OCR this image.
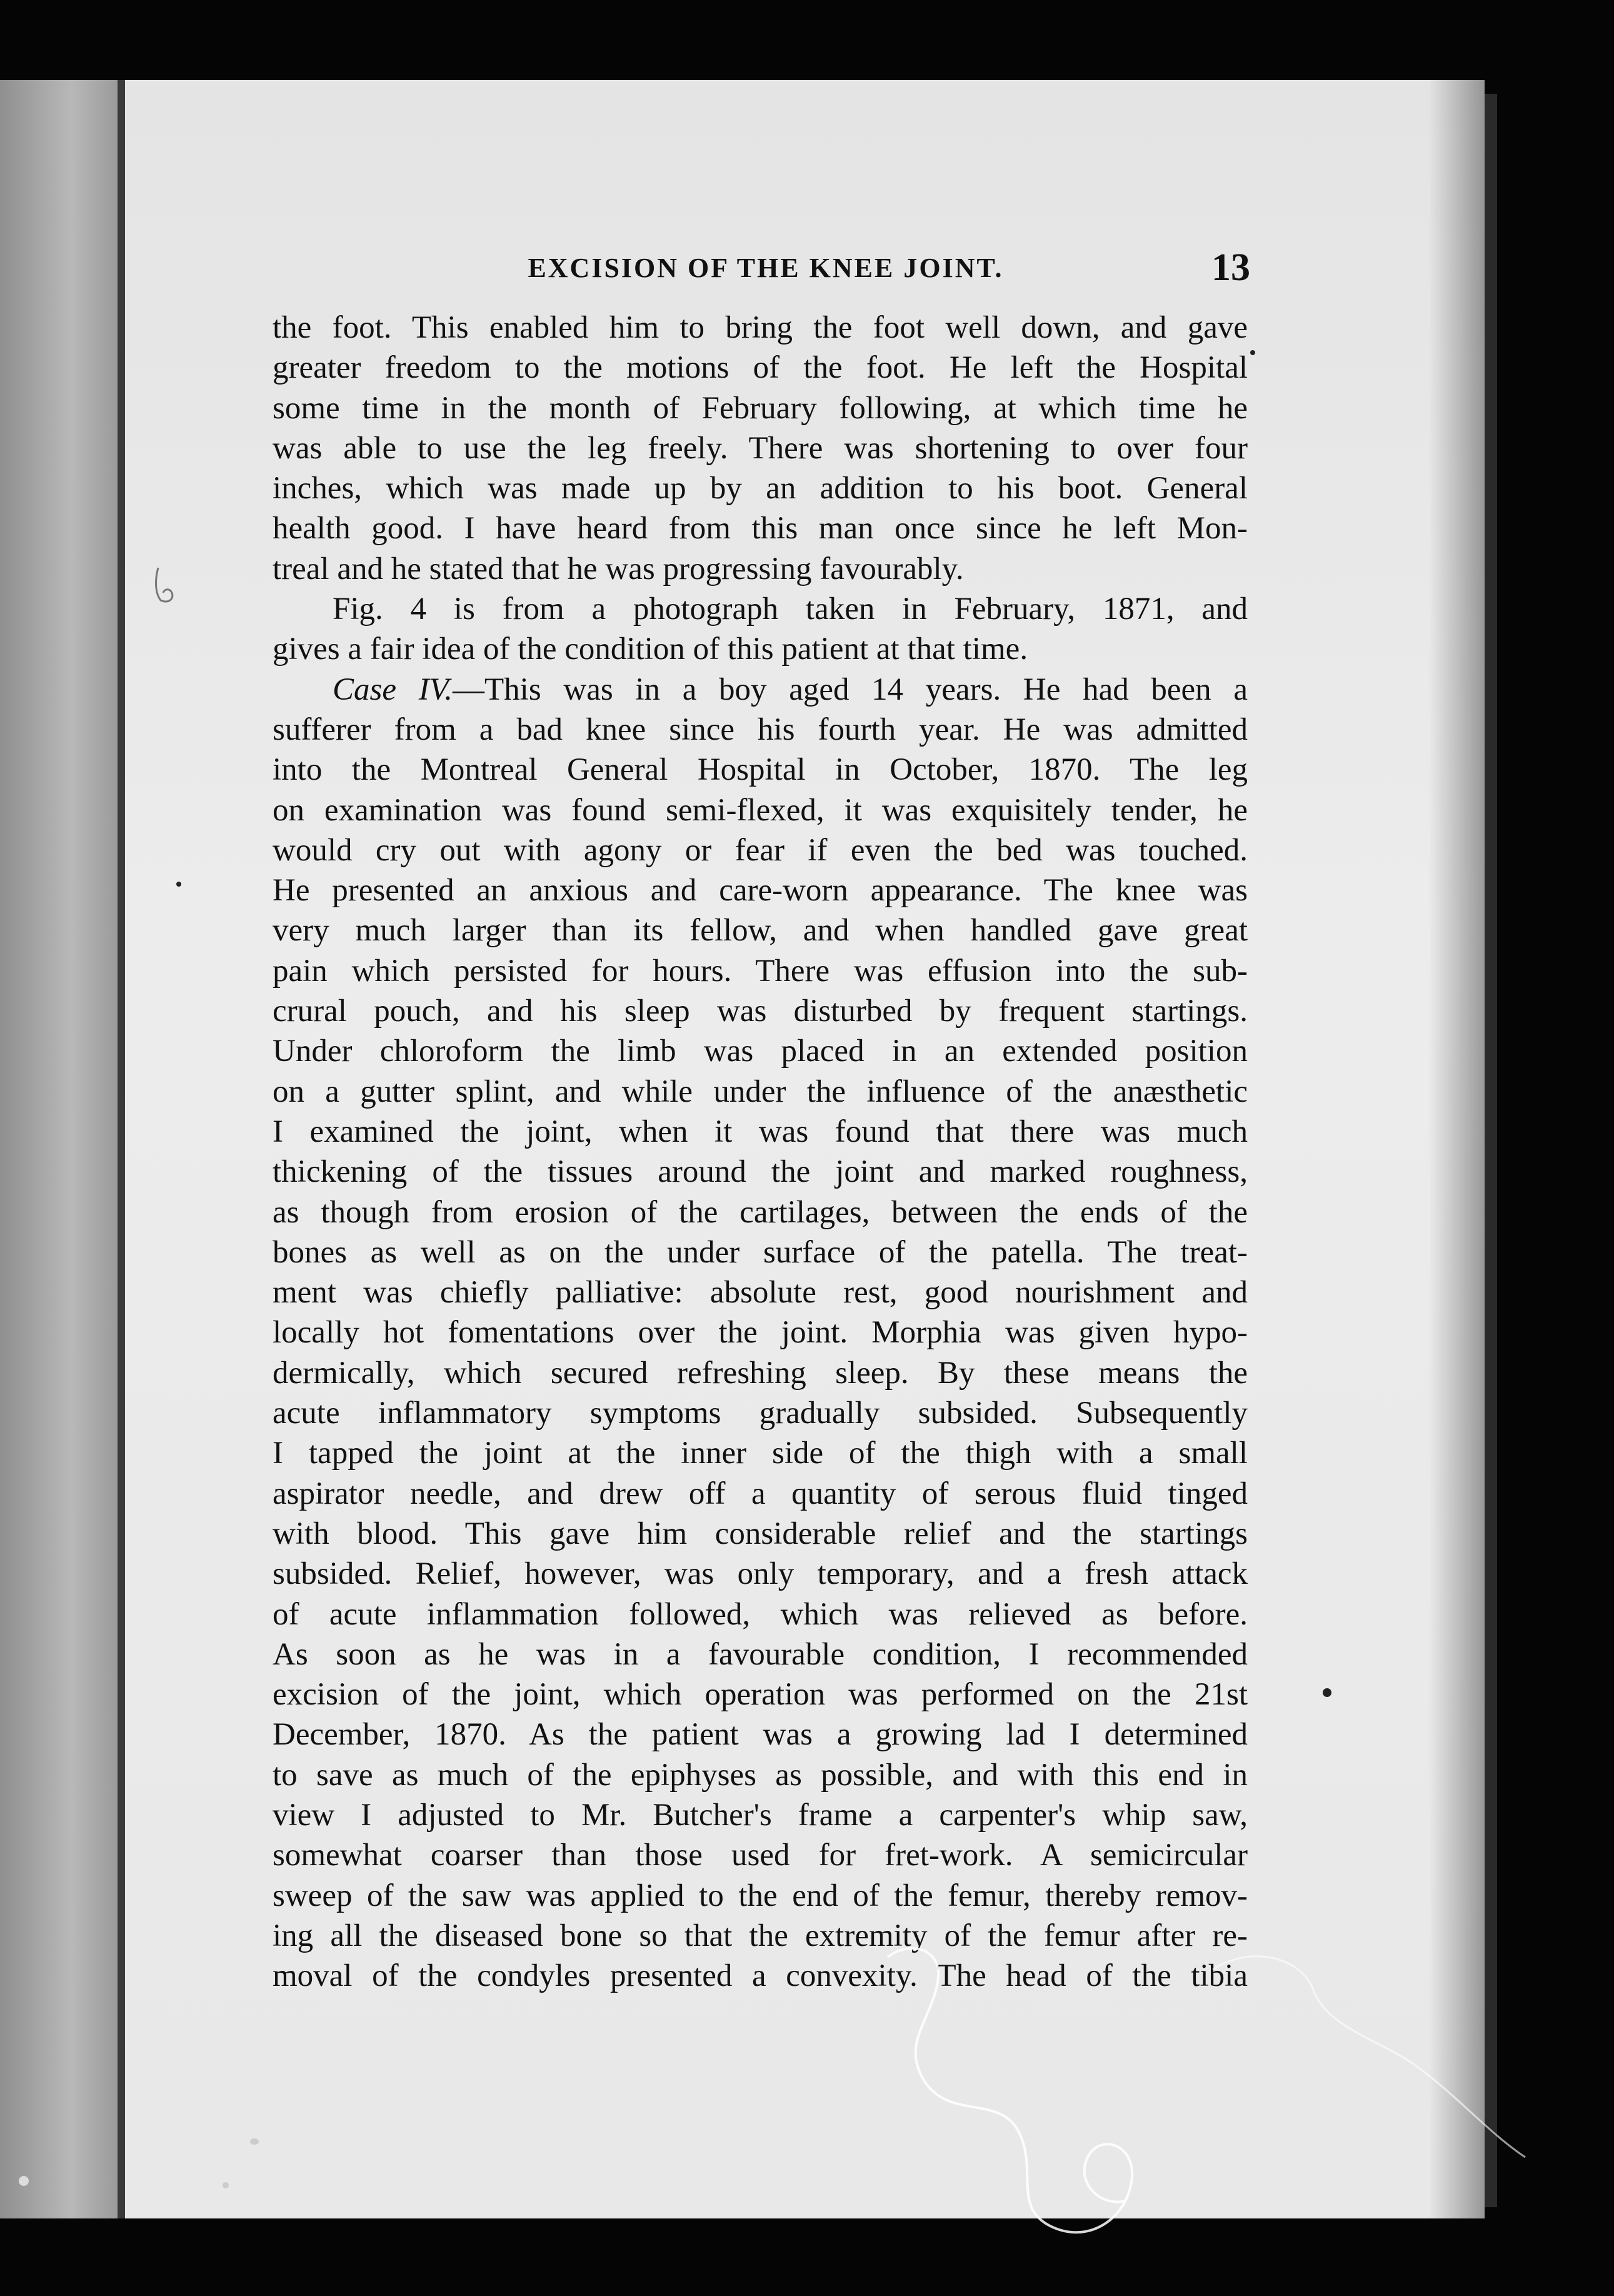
EXCISION OF THE KNEE JOINT.	13
the foot. This enabled him to bring the foot well down, and gave
greater freedom to the motions of the foot. He left the Hospital
some time in the month of February following, at which time he
was able to use the leg freely. There was shortening to over four
inches, which was made up by an addition to his boot. General
health good. I have heard from this man once since he left Mon-
treal and he stated that he was progressing favourably.
Fig. 4 is from a photograph taken in February, 1871, and
gives a fair idea of the condition of this patient at that time.
Case IV.—This was in a boy aged 14 years. He had been a
sufferer from a bad knee since his fourth year. He was admitted
into the Montreal General Hospital in October, 1870. The leg
on examination was found semi-flexed, it was exquisitely tender, he
would cry out with agony or fear if even the bed was touched.
He presented an anxious and care-worn appearance. The knee was
very much larger than its fellow, and when handled gave great
pain which persisted for hours. There was effusion into the sub-
crural pouch, and his sleep was disturbed by frequent startings.
Under chloroform the limb was placed in an extended position
on a gutter splint, and while under the influence of the anæsthetic
I examined the joint, when it was found that there was much
thickening of the tissues around the joint and marked roughness,
as though from erosion of the cartilages, between the ends of the
bones as well as on the under surface of the patella. The treat-
ment was chiefly palliative: absolute rest, good nourishment and
locally hot fomentations over the joint. Morphia was given hypo-
dermically, which secured refreshing sleep. By these means the
acute inflammatory symptoms gradually subsided. Subsequently
I tapped the joint at the inner side of the thigh with a small
aspirator needle, and drew off a quantity of serous fluid tinged
with blood. This gave him considerable relief and the startings
subsided. Relief, however, was only temporary, and a fresh attack
of acute inflammation followed, which was relieved as before.
As soon as he was in a favourable condition, I recommended
excision of the joint, which operation was performed on the 21st
December, 1870. As the patient was a growing lad I determined
to save as much of the epiphyses as possible, and with this end in
view I adjusted to Mr. Butcher's frame a carpenter's whip saw,
somewhat coarser than those used for fret-work. A semicircular
sweep of the saw was applied to the end of the femur, thereby remov-
ing all the diseased bone so that the extremity of the femur after re-
moval of the condyles presented a convexity. The head of the tibia
